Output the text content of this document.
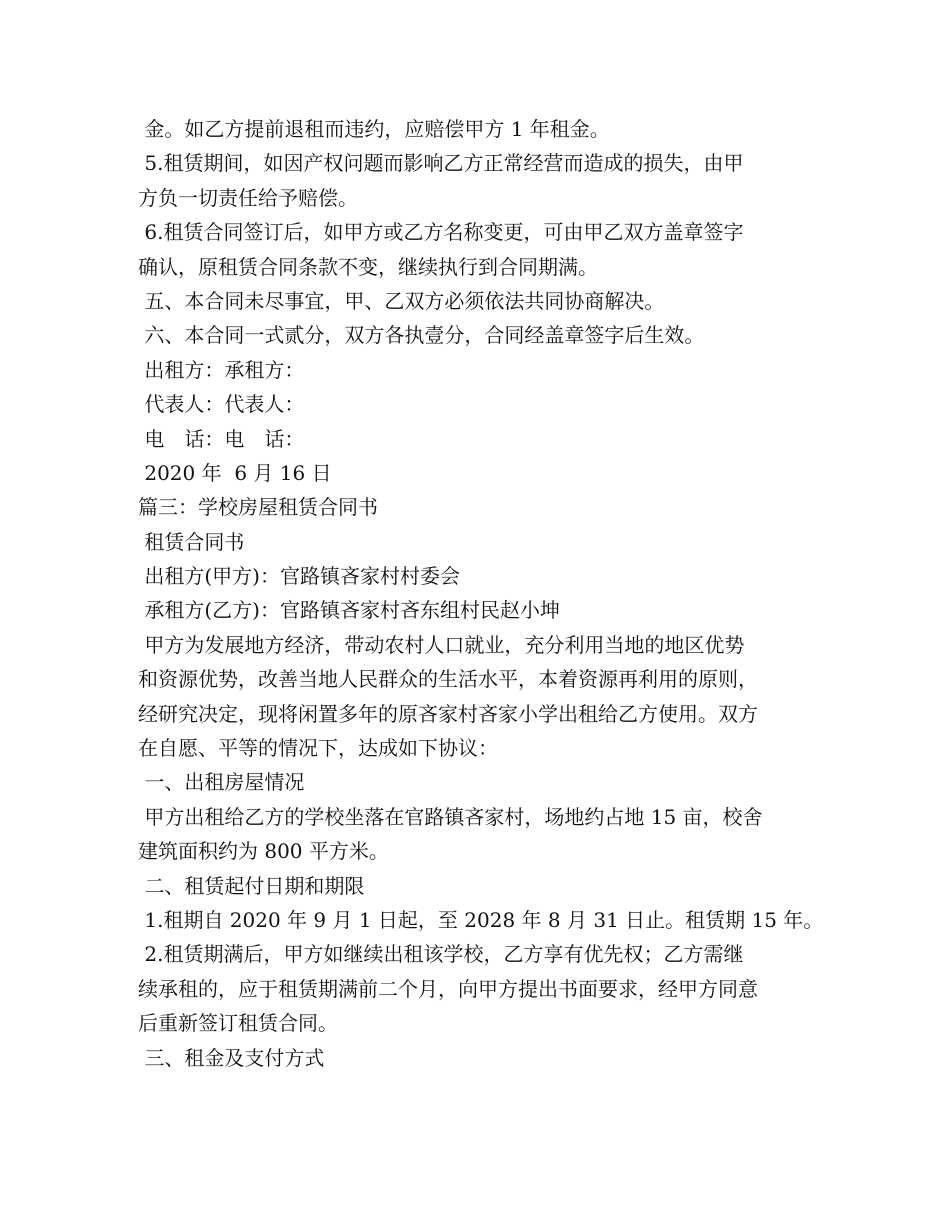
金。如乙方提前退租而违约，应赔偿甲方 1 年租金。
5.租赁期间，如因产权问题而影响乙方正常经营而造成的损失，由甲
方负一切责任给予赔偿。
6.租赁合同签订后，如甲方或乙方名称变更，可由甲乙双方盖章签字
确认，原租赁合同条款不变，继续执行到合同期满。
五、本合同未尽事宜，甲、乙双方必须依法共同协商解决。
六、本合同一式贰分，双方各执壹分，合同经盖章签字后生效。
出租方：承租方：
代表人：代表人：
电　话：电　话：
2020 年  6 月 16 日
篇三：学校房屋租赁合同书
租赁合同书
出租方(甲方)：官路镇吝家村村委会
承租方(乙方)：官路镇吝家村吝东组村民赵小坤
甲方为发展地方经济，带动农村人口就业，充分利用当地的地区优势
和资源优势，改善当地人民群众的生活水平，本着资源再利用的原则，
经研究决定，现将闲置多年的原吝家村吝家小学出租给乙方使用。双方
在自愿、平等的情况下，达成如下协议：
一、出租房屋情况
甲方出租给乙方的学校坐落在官路镇吝家村，场地约占地 15 亩，校舍
建筑面积约为 800 平方米。
二、租赁起付日期和期限
1.租期自 2020 年 9 月 1 日起，至 2028 年 8 月 31 日止。租赁期 15 年。
2.租赁期满后，甲方如继续出租该学校，乙方享有优先权；乙方需继
续承租的，应于租赁期满前二个月，向甲方提出书面要求，经甲方同意
后重新签订租赁合同。
三、租金及支付方式
